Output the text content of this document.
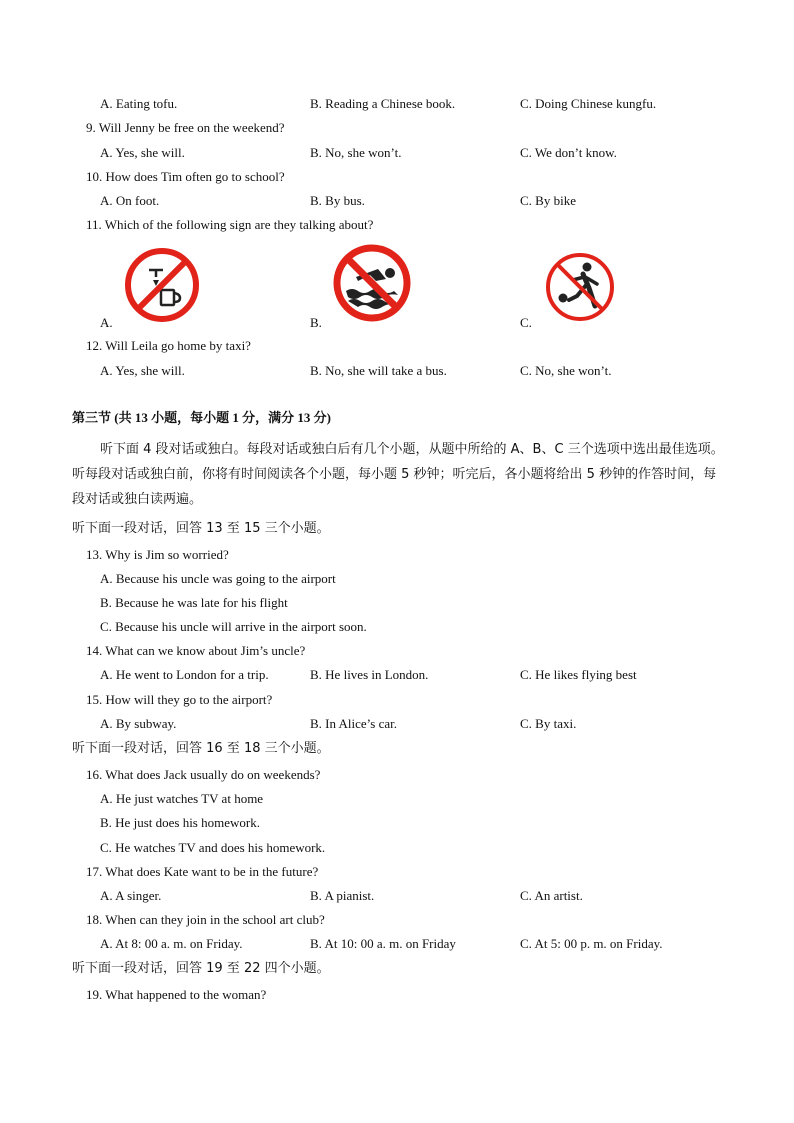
A. Eating tofu.	B. Reading a Chinese book.	C. Doing Chinese kungfu.
9. Will Jenny be free on the weekend?
A. Yes, she will.	B. No, she won’t.	C. We don’t know.
10. How does Tim often go to school?
A. On foot.	B. By bus.	C. By bike
11. Which of the following sign are they talking about?
A.	B.	C.
12. Will Leila go home by taxi?
A. Yes, she will.	B. No, she will take a bus.	C. No, she won’t.
第三节 (共 13 小题，每小题 1 分，满分 13 分)
听下面 4 段对话或独白。每段对话或独白后有几个小题，从题中所给的 A、B、C 三个选项中选出最佳选项。听每段对话或独白前，你将有时间阅读各个小题，每小题 5 秒钟；听完后，各小题将给出 5 秒钟的作答时间，每段对话或独白读两遍。
听下面一段对话，回答 13 至 15 三个小题。
13. Why is Jim so worried?
A. Because his uncle was going to the airport
B. Because he was late for his flight
C. Because his uncle will arrive in the airport soon.
14. What can we know about Jim’s uncle?
A. He went to London for a trip.	B. He lives in London.	C. He likes flying best
15. How will they go to the airport?
A. By subway.	B. In Alice’s car.	C. By taxi.
听下面一段对话，回答 16 至 18 三个小题。
16. What does Jack usually do on weekends?
A. He just watches TV at home
B. He just does his homework.
C. He watches TV and does his homework.
17. What does Kate want to be in the future?
A. A singer.	B. A pianist.	C. An artist.
18. When can they join in the school art club?
A. At 8: 00 a. m. on Friday.	B. At 10: 00 a. m. on Friday	C. At 5: 00 p. m. on Friday.
听下面一段对话，回答 19 至 22 四个小题。
19. What happened to the woman?
